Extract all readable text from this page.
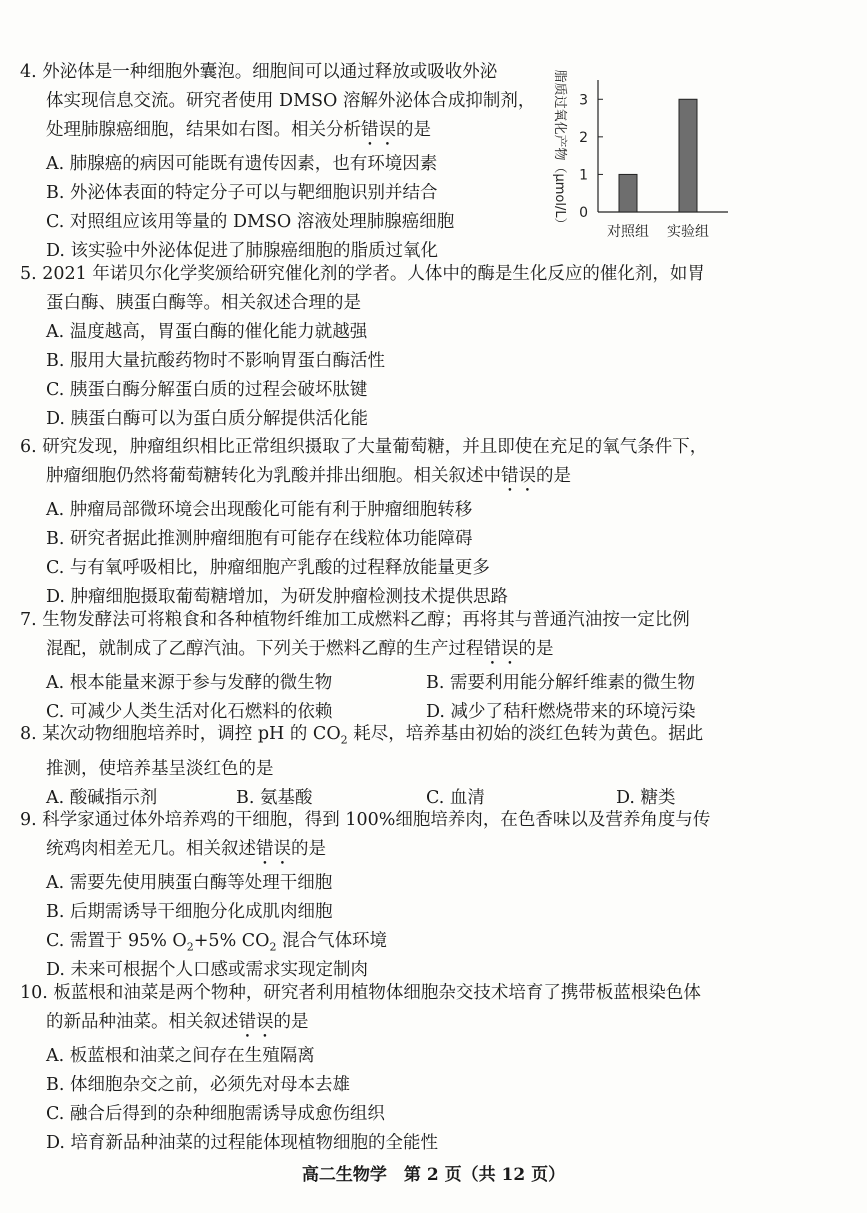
4. 外泌体是一种细胞外囊泡。细胞间可以通过释放或吸收外泌
体实现信息交流。研究者使用 DMSO 溶解外泌体合成抑制剂，
处理肺腺癌细胞，结果如右图。相关分析错误的是
A. 肺腺癌的病因可能既有遗传因素，也有环境因素
B. 外泌体表面的特定分子可以与靶细胞识别并结合
C. 对照组应该用等量的 DMSO 溶液处理肺腺癌细胞
D. 该实验中外泌体促进了肺腺癌细胞的脂质过氧化
脂质过氧化产物（μmol/L） 0
1
2
3
对照组 实验组
5. 2021 年诺贝尔化学奖颁给研究催化剂的学者。人体中的酶是生化反应的催化剂，如胃
蛋白酶、胰蛋白酶等。相关叙述合理的是
A. 温度越高，胃蛋白酶的催化能力就越强
B. 服用大量抗酸药物时不影响胃蛋白酶活性
C. 胰蛋白酶分解蛋白质的过程会破坏肽键
D. 胰蛋白酶可以为蛋白质分解提供活化能
6. 研究发现，肿瘤组织相比正常组织摄取了大量葡萄糖，并且即使在充足的氧气条件下，
肿瘤细胞仍然将葡萄糖转化为乳酸并排出细胞。相关叙述中错误的是
A. 肿瘤局部微环境会出现酸化可能有利于肿瘤细胞转移
B. 研究者据此推测肿瘤细胞有可能存在线粒体功能障碍
C. 与有氧呼吸相比，肿瘤细胞产乳酸的过程释放能量更多
D. 肿瘤细胞摄取葡萄糖增加，为研发肿瘤检测技术提供思路
7. 生物发酵法可将粮食和各种植物纤维加工成燃料乙醇；再将其与普通汽油按一定比例
混配，就制成了乙醇汽油。下列关于燃料乙醇的生产过程错误的是
A. 根本能量来源于参与发酵的微生物	B. 需要利用能分解纤维素的微生物
C. 可减少人类生活对化石燃料的依赖	D. 减少了秸秆燃烧带来的环境污染
8. 某次动物细胞培养时，调控 pH 的 $CO_2$ 耗尽，培养基由初始的淡红色转为黄色。据此
推测，使培养基呈淡红色的是
A. 酸碱指示剂	B. 氨基酸	C. 血清	D. 糖类
9. 科学家通过体外培养鸡的干细胞，得到 100%细胞培养肉，在色香味以及营养角度与传
统鸡肉相差无几。相关叙述错误的是
A. 需要先使用胰蛋白酶等处理干细胞
B. 后期需诱导干细胞分化成肌肉细胞
C. 需置于 95% $O_2+5\%$ $CO_2$ 混合气体环境
D. 未来可根据个人口感或需求实现定制肉
10. 板蓝根和油菜是两个物种，研究者利用植物体细胞杂交技术培育了携带板蓝根染色体
的新品种油菜。相关叙述错误的是
A. 板蓝根和油菜之间存在生殖隔离
B. 体细胞杂交之前，必须先对母本去雄
C. 融合后得到的杂种细胞需诱导成愈伤组织
D. 培育新品种油菜的过程能体现植物细胞的全能性
高二生物学　第 2 页（共 12 页）
